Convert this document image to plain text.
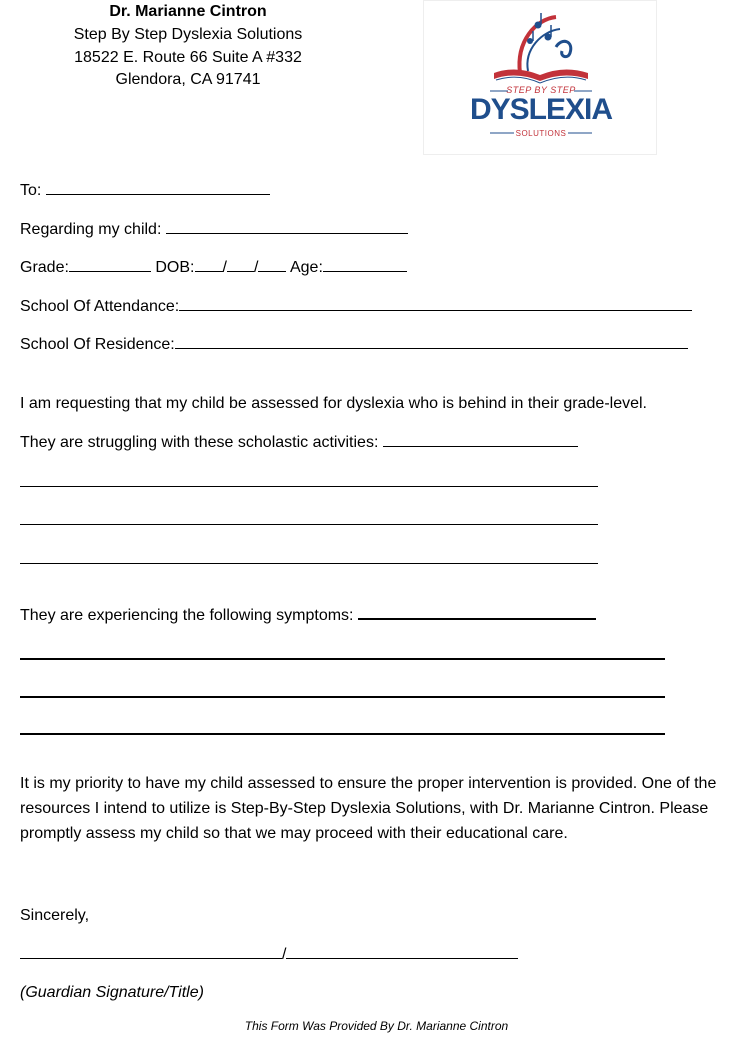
Dr. Marianne Cintron
Step By Step Dyslexia Solutions
18522 E. Route 66 Suite A #332
Glendora, CA 91741
STEP BY STEP
DYSLEXIA
SOLUTIONS
To:
Regarding my child:
Grade:	DOB: / / Age:
School Of Attendance:
School Of Residence:
I am requesting that my child be assessed for dyslexia who is behind in their grade-level.
They are struggling with these scholastic activities:
They are experiencing the following symptoms:
It is my priority to have my child assessed to ensure the proper intervention is provided. One of the resources I intend to utilize is Step-By-Step Dyslexia Solutions, with Dr. Marianne Cintron. Please promptly assess my child so that we may proceed with their educational care.
Sincerely,
/
(Guardian Signature/Title)
This Form Was Provided By Dr. Marianne Cintron
